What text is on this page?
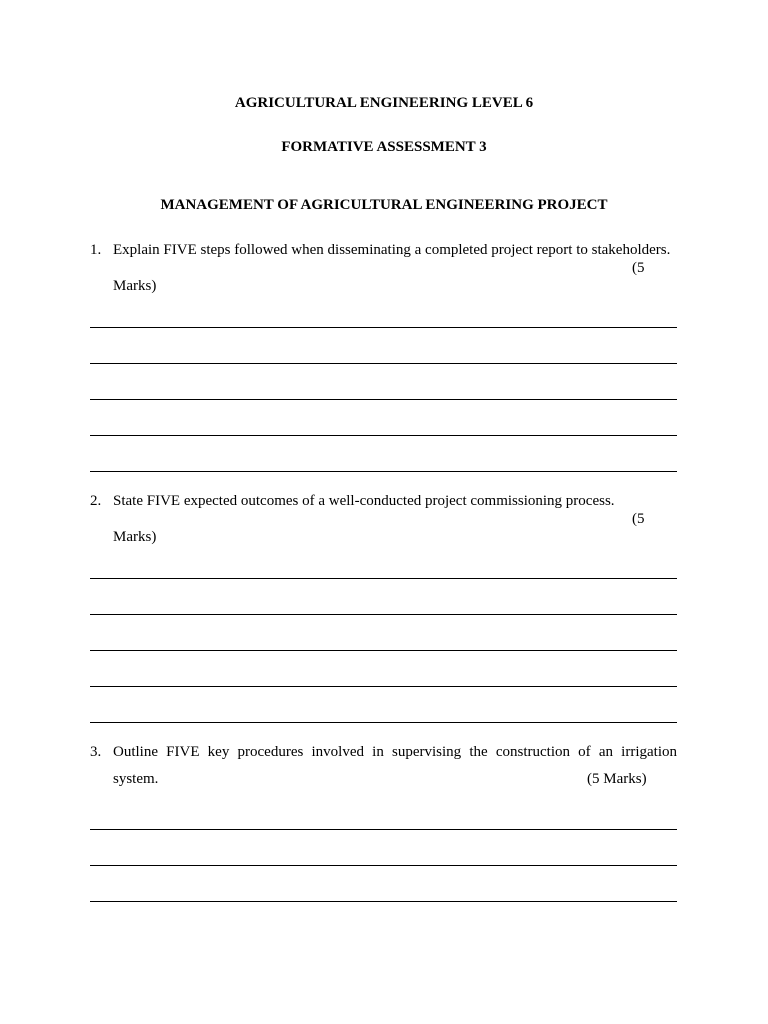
AGRICULTURAL ENGINEERING LEVEL 6

FORMATIVE ASSESSMENT 3

MANAGEMENT OF AGRICULTURAL ENGINEERING PROJECT

1. Explain FIVE steps followed when disseminating a completed project report to stakeholders.
(5
Marks)
2. State FIVE expected outcomes of a well-conducted project commissioning process.
(5
Marks)
3. Outline FIVE key procedures involved in supervising the construction of an irrigation
system.	(5 Marks)
